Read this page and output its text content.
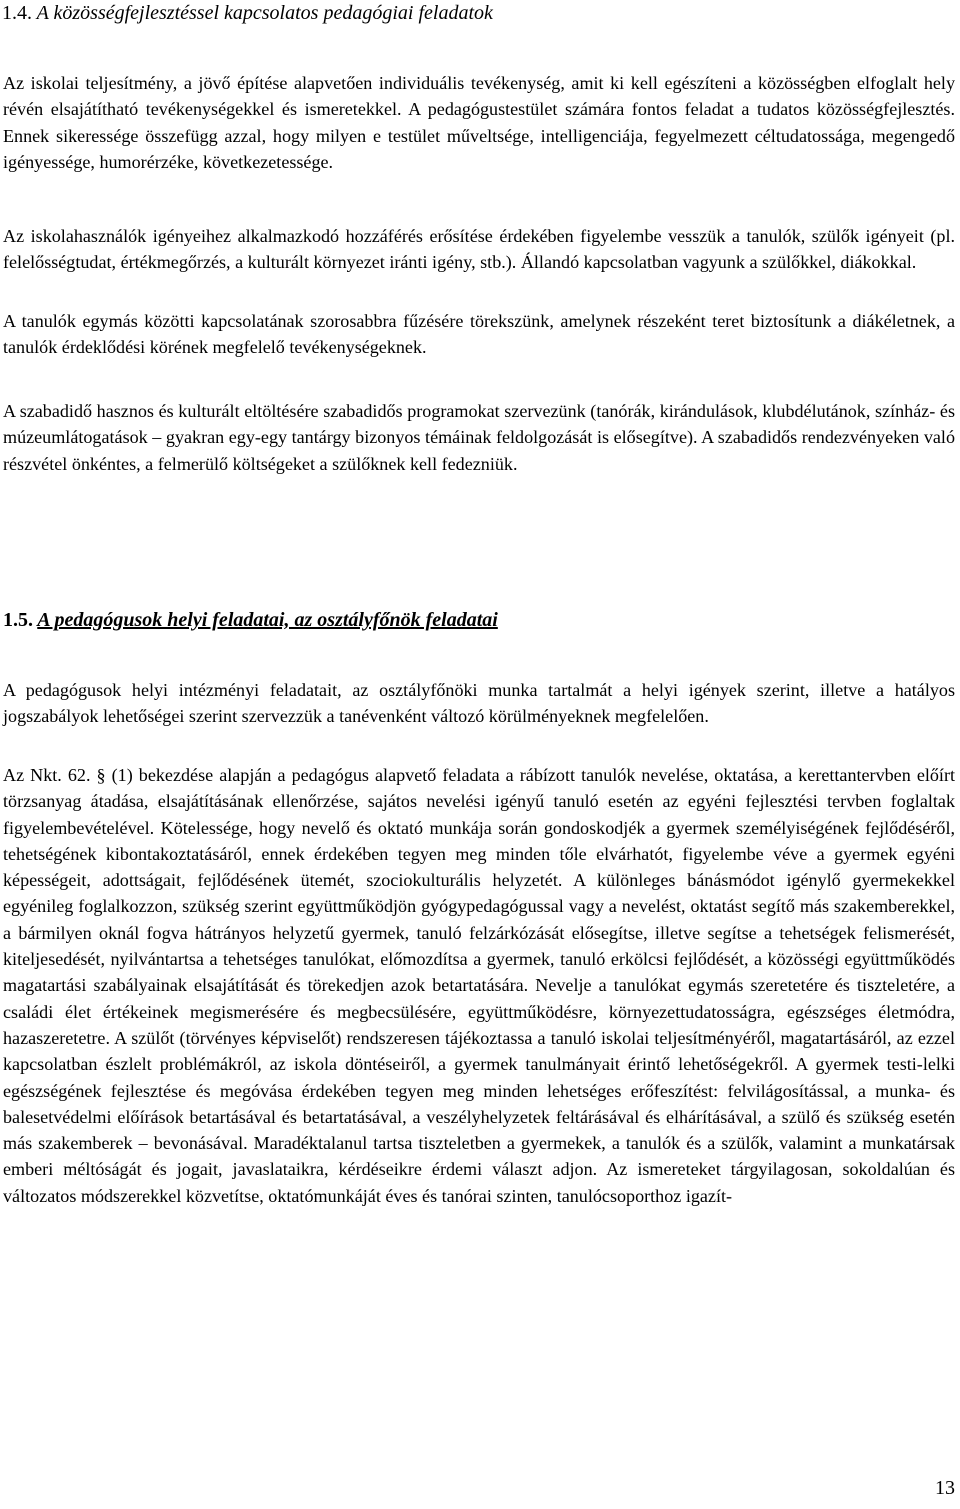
1.4. A közösségfejlesztéssel kapcsolatos pedagógiai feladatok

Az iskolai teljesítmény, a jövő építése alapvetően individuális tevékenység, amit ki kell egészíteni a közösségben elfoglalt hely révén elsajátítható tevékenységekkel és ismeretekkel. A pedagógustestület számára fontos feladat a tudatos közösségfejlesztés. Ennek sikeressége összefügg azzal, hogy milyen e testület műveltsége, intelligenciája, fegyelmezett céltudatossága, megengedő igényessége, humorérzéke, következetessége.

Az iskolahasználók igényeihez alkalmazkodó hozzáférés erősítése érdekében figyelembe vesszük a tanulók, szülők igényeit (pl. felelősségtudat, értékmegőrzés, a kulturált környezet iránti igény, stb.). Állandó kapcsolatban vagyunk a szülőkkel, diákokkal.

A tanulók egymás közötti kapcsolatának szorosabbra fűzésére törekszünk, amelynek részeként teret biztosítunk a diákéletnek, a tanulók érdeklődési körének megfelelő tevékenységeknek.

A szabadidő hasznos és kulturált eltöltésére szabadidős programokat szervezünk (tanórák, kirándulások, klubdélutánok, színház- és múzeumlátogatások – gyakran egy-egy tantárgy bizonyos témáinak feldolgozását is elősegítve). A szabadidős rendezvényeken való részvétel önkéntes, a felmerülő költségeket a szülőknek kell fedezniük.

1.5. A pedagógusok helyi feladatai, az osztályfőnök feladatai

A pedagógusok helyi intézményi feladatait, az osztályfőnöki munka tartalmát a helyi igények szerint, illetve a hatályos jogszabályok lehetőségei szerint szervezzük a tanévenként változó körülményeknek megfelelően.

Az Nkt. 62. § (1) bekezdése alapján a pedagógus alapvető feladata a rábízott tanulók nevelése, oktatása, a kerettantervben előírt törzsanyag átadása, elsajátításának ellenőrzése, sajátos nevelési igényű tanuló esetén az egyéni fejlesztési tervben foglaltak figyelembevételével. Kötelessége, hogy nevelő és oktató munkája során gondoskodjék a gyermek személyiségének fejlődéséről, tehetségének kibontakoztatásáról, ennek érdekében tegyen meg minden tőle elvárhatót, figyelembe véve a gyermek egyéni képességeit, adottságait, fejlődésének ütemét, szociokulturális helyzetét. A különleges bánásmódot igénylő gyermekekkel egyénileg foglalkozzon, szükség szerint együttműködjön gyógypedagógussal vagy a nevelést, oktatást segítő más szakemberekkel, a bármilyen oknál fogva hátrányos helyzetű gyermek, tanuló felzárkózását elősegítse, illetve segítse a tehetségek felismerését, kiteljesedését, nyilvántartsa a tehetséges tanulókat, előmozdítsa a gyermek, tanuló erkölcsi fejlődését, a közösségi együttműködés magatartási szabályainak elsajátítását és törekedjen azok betartatására. Nevelje a tanulókat egymás szeretetére és tiszteletére, a családi élet értékeinek megismerésére és megbecsülésére, együttműködésre, környezettudatosságra, egészséges életmódra, hazaszeretetre. A szülőt (törvényes képviselőt) rendszeresen tájékoztassa a tanuló iskolai teljesítményéről, magatartásáról, az ezzel kapcsolatban észlelt problémákról, az iskola döntéseiről, a gyermek tanulmányait érintő lehetőségekről. A gyermek testi-lelki egészségének fejlesztése és megóvása érdekében tegyen meg minden lehetséges erőfeszítést: felvilágosítással, a munka- és balesetvédelmi előírások betartásával és betartatásával, a veszélyhelyzetek feltárásával és elhárításával, a szülő és szükség esetén más szakemberek – bevonásával. Maradéktalanul tartsa tiszteletben a gyermekek, a tanulók és a szülők, valamint a munkatársak emberi méltóságát és jogait, javaslataikra, kérdéseikre érdemi választ adjon. Az ismereteket tárgyilagosan, sokoldalúan és változatos módszerekkel közvetítse, oktatómunkáját éves és tanórai szinten, tanulócsoporthoz igazít-

13
